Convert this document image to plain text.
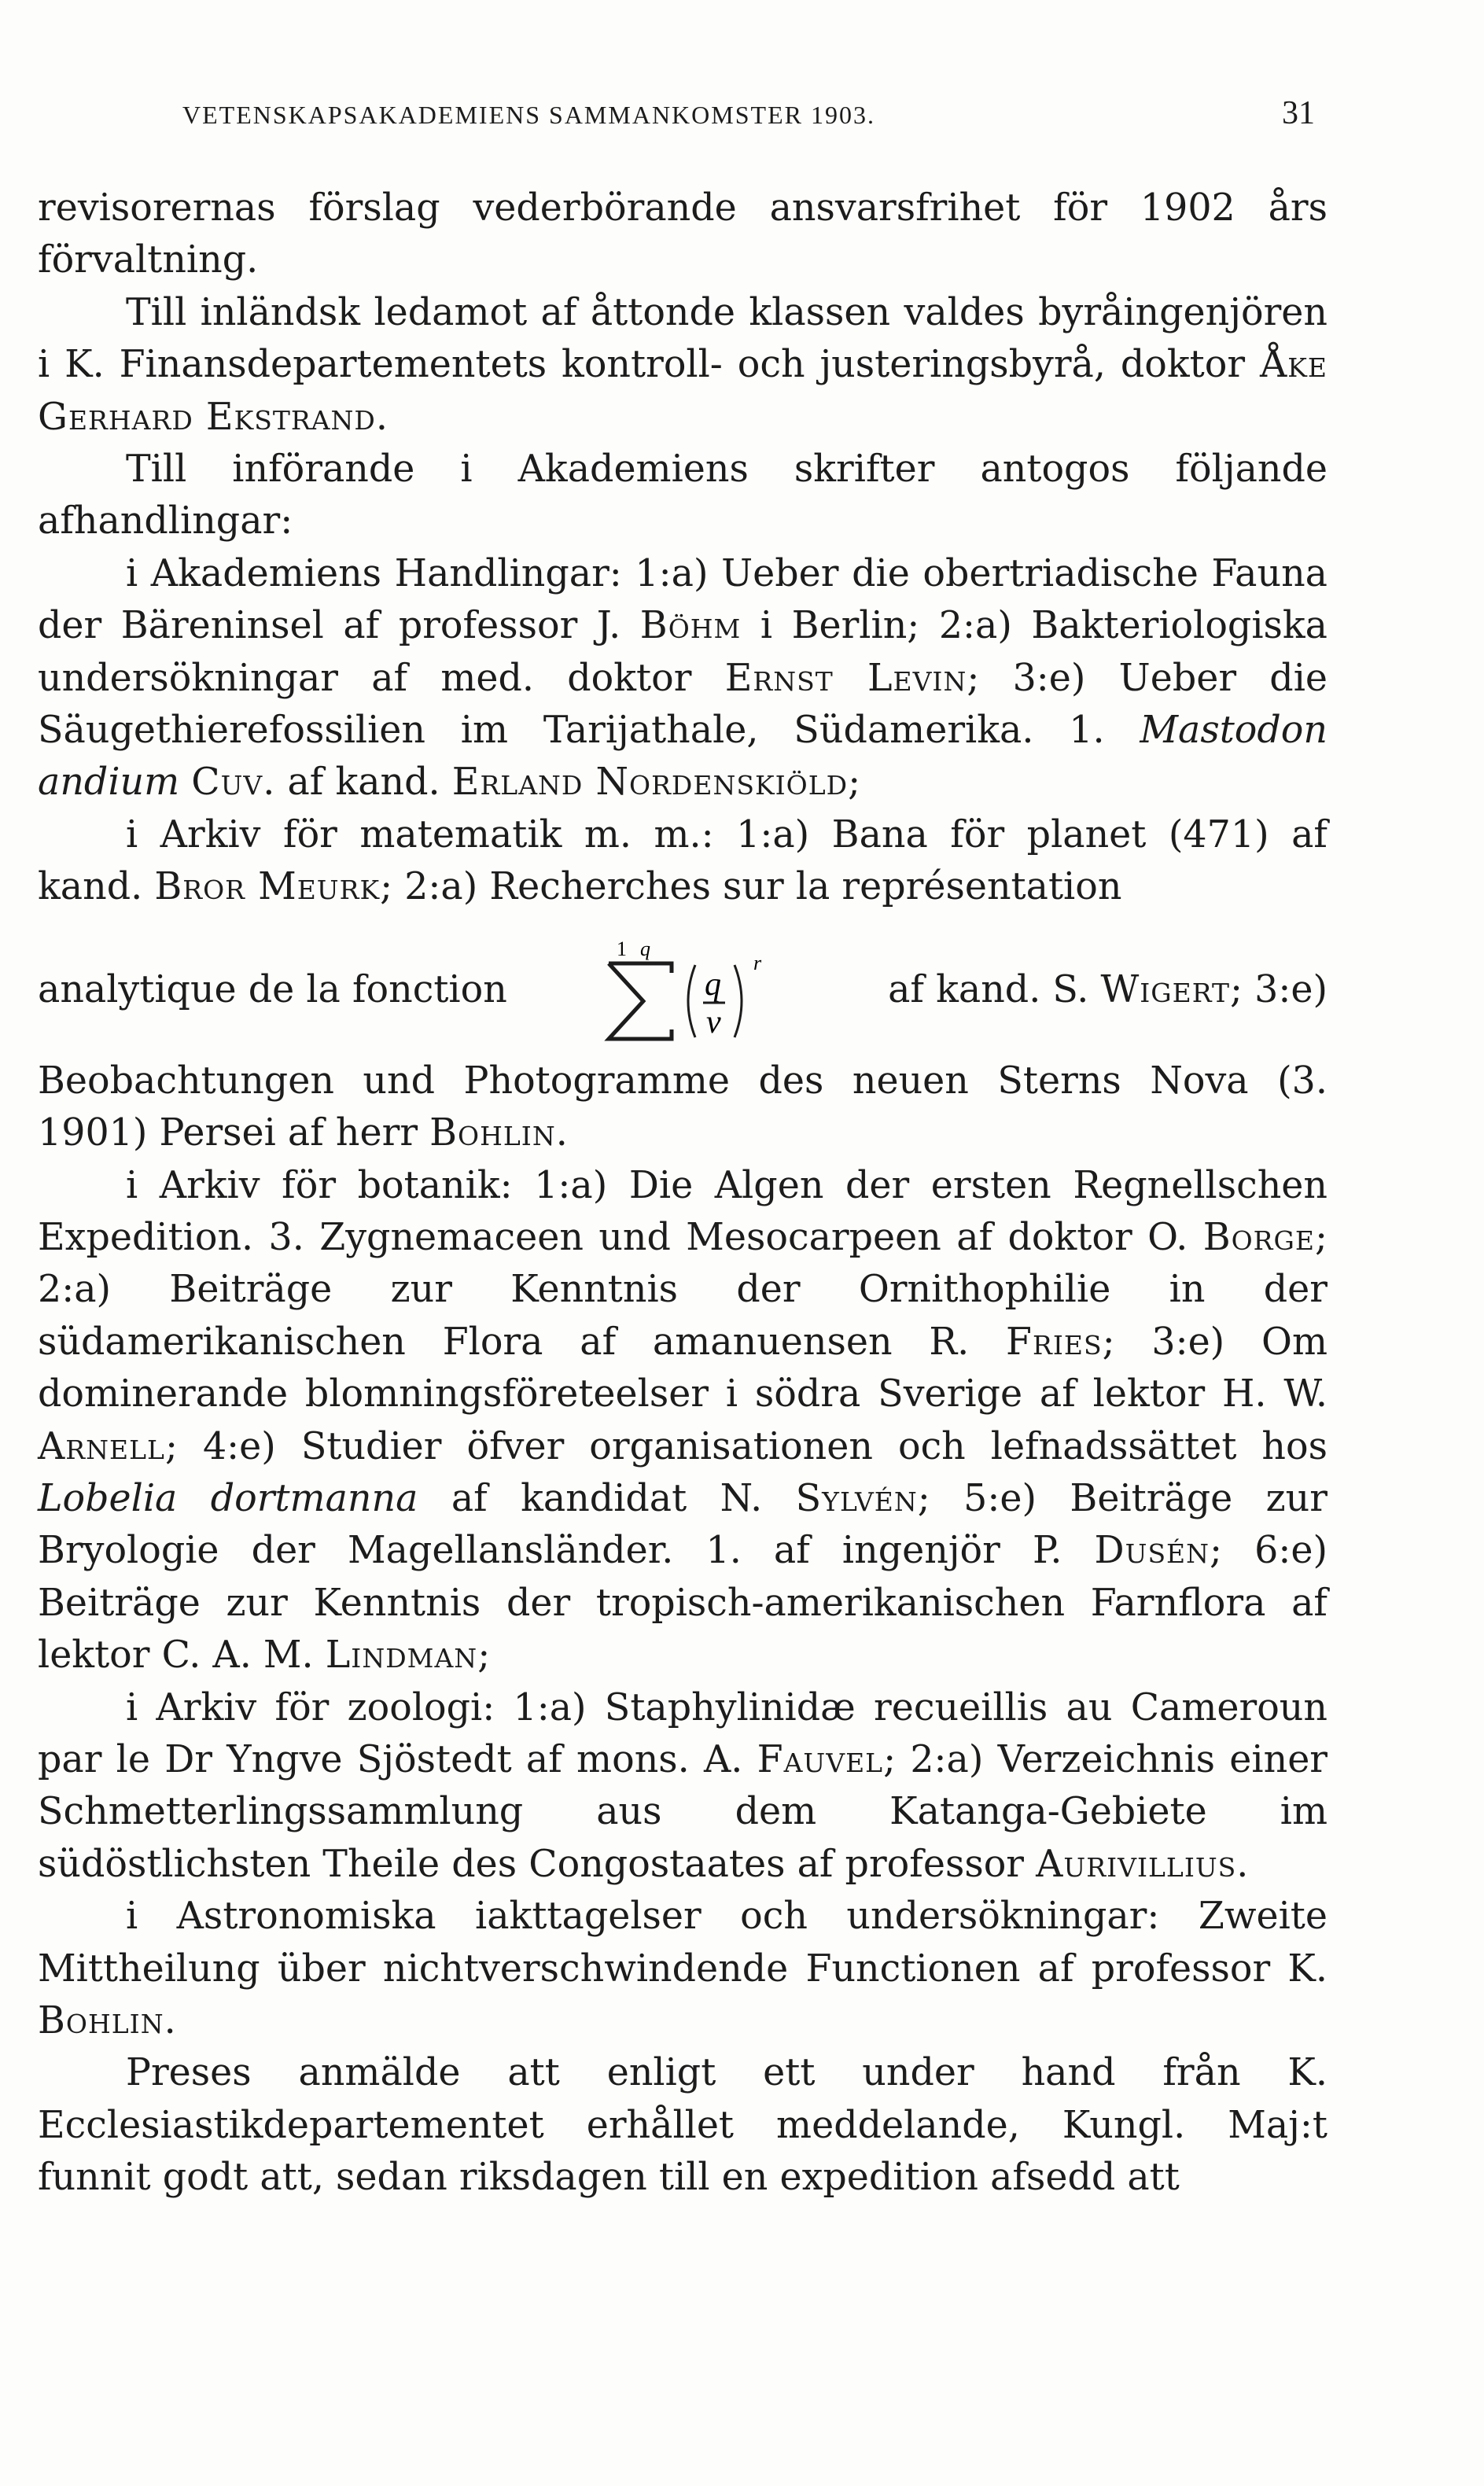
VETENSKAPSAKADEMIENS SAMMANKOMSTER 1903.	31

revisorernas förslag vederbörande ansvarsfrihet för 1902 års förvaltning.

Till inländsk ledamot af åttonde klassen valdes byråingenjören i K. Finansdepartementets kontroll- och justeringsbyrå, doktor Åke Gerhard Ekstrand.

Till införande i Akademiens skrifter antogos följande afhandlingar:

i Akademiens Handlingar: 1:a) Ueber die obertriadische Fauna der Bäreninsel af professor J. Böhm i Berlin; 2:a) Bakteriologiska undersökningar af med. doktor Ernst Levin; 3:e) Ueber die Säugethierefossilien im Tarijathale, Südamerika. 1. Mastodon andium Cuv. af kand. Erland Nordenskiöld;

i Arkiv för matematik m. m.: 1:a) Bana för planet (471) af kand. Bror Meurk; 2:a) Recherches sur la représentation

analytique de la fonction
1 q
q
v
r
af kand. S. Wigert; 3:e)

Beobachtungen und Photogramme des neuen Sterns Nova (3. 1901) Persei af herr Bohlin.

i Arkiv för botanik: 1:a) Die Algen der ersten Regnellschen Expedition. 3. Zygnemaceen und Mesocarpeen af doktor O. Borge; 2:a) Beiträge zur Kenntnis der Ornithophilie in der südamerikanischen Flora af amanuensen R. Fries; 3:e) Om dominerande blomningsföreteelser i södra Sverige af lektor H. W. Arnell; 4:e) Studier öfver organisationen och lefnadssättet hos Lobelia dortmanna af kandidat N. Sylvén; 5:e) Beiträge zur Bryologie der Magellansländer. 1. af ingenjör P. Dusén; 6:e) Beiträge zur Kenntnis der tropisch-amerikanischen Farnflora af lektor C. A. M. Lindman;

i Arkiv för zoologi: 1:a) Staphylinidæ recueillis au Cameroun par le Dr Yngve Sjöstedt af mons. A. Fauvel; 2:a) Verzeichnis einer Schmetterlingssammlung aus dem Katanga-Gebiete im südöstlichsten Theile des Congostaates af professor Aurivillius.

i Astronomiska iakttagelser och undersökningar: Zweite Mittheilung über nichtverschwindende Functionen af professor K. Bohlin.

Preses anmälde att enligt ett under hand från K. Ecclesiastikdepartementet erhållet meddelande, Kungl. Maj:t funnit godt att, sedan riksdagen till en expedition afsedd att
